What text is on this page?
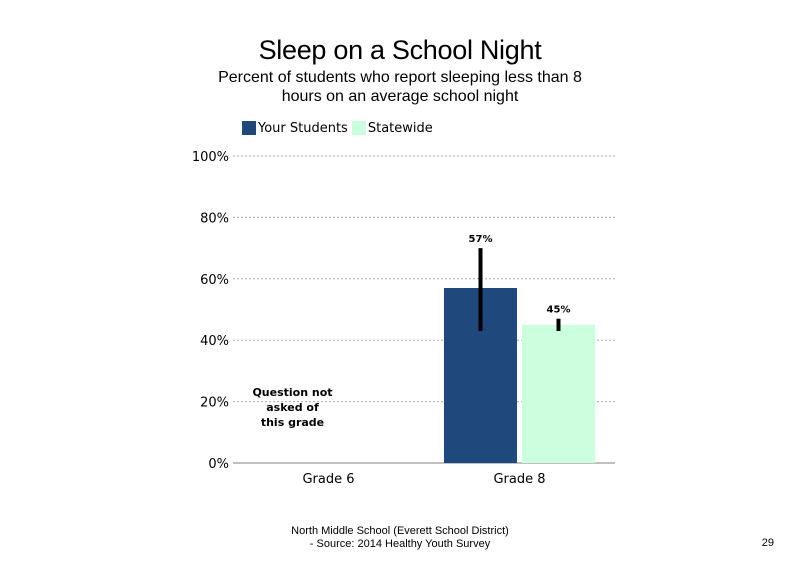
Sleep on a School Night
Percent of students who report sleeping less than 8 hours on an average school night
Your Students Statewide
0%
20%
40%
60%
80%
100%
Grade 6	Grade 8
57%
45%
Question not
asked of
this grade
North Middle School (Everett School District)
- Source: 2014 Healthy Youth Survey	29
